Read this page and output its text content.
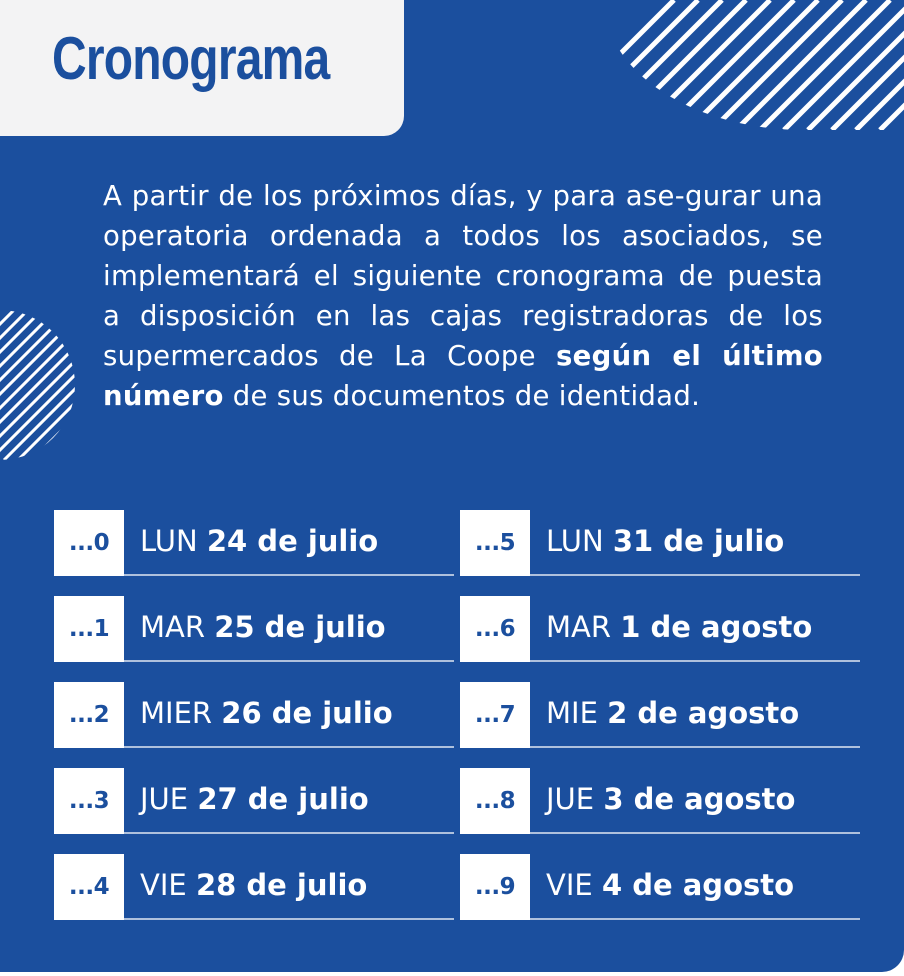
Cronograma

A partir de los próximos días, y para ase-gurar una operatoria ordenada a todos los asociados, se implementará el siguiente cronograma de puesta a disposición en las cajas registradoras de los supermercados de La Coope según el último número de sus documentos de identidad.

...0	LUN 24 de julio
...1	MAR 25 de julio
...2	MIER 26 de julio
...3	JUE 27 de julio
...4	VIE 28 de julio
...5	LUN 31 de julio
...6	MAR 1 de agosto
...7	MIE 2 de agosto
...8	JUE 3 de agosto
...9	VIE 4 de agosto
